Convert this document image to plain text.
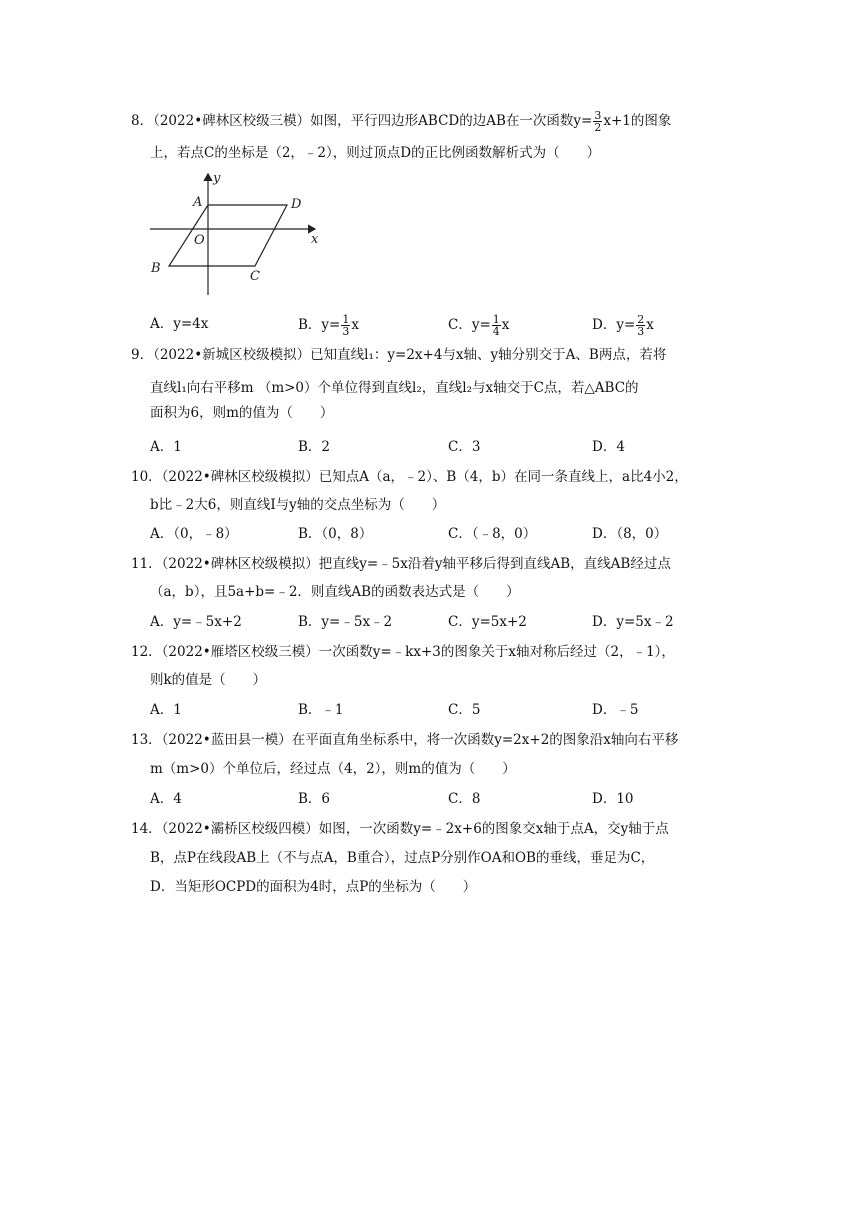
8．（2022•碑林区校级三模）如图，平行四边形ABCD的边AB在一次函数$y= \frac{3}{2} x+1$的图象
上，若点C的坐标是（2，﹣2），则过顶点D的正比例函数解析式为（　　）
y
x
A	D
O
B
C
A．y=4x	B．$y= \frac{1}{3}$ x	C．$y= \frac{1}{4}$ x	D．$y= \frac{2}{3}$ x
9．（2022•新城区校级模拟）已知直线l₁：y=2x+4与x轴、y轴分别交于A、B两点，若将
直线l₁向右平移m （m>0）个单位得到直线l₂，直线l₂与x轴交于C点，若△ABC的
面积为6，则m的值为（　　）
A．1	B．2	C．3	D．4
10．（2022•碑林区校级模拟）已知点A（a，﹣2）、B（4，b）在同一条直线上，a比4小2，
b比﹣2大6，则直线I与y轴的交点坐标为（　　）
A．（0，﹣8）	B．（0，8）	C．（﹣8，0）	D．（8，0）
11．（2022•碑林区校级模拟）把直线y=﹣5x沿着y轴平移后得到直线AB，直线AB经过点
（a，b），且5a+b=﹣2．则直线AB的函数表达式是（　　）
A．y=﹣5x+2	B．y=﹣5x﹣2	C．y=5x+2	D．y=5x﹣2
12．（2022•雁塔区校级三模）一次函数y=﹣kx+3的图象关于x轴对称后经过（2，﹣1），
则k的值是（　　）
A．1	B．﹣1	C．5	D．﹣5
13．（2022•蓝田县一模）在平面直角坐标系中，将一次函数y=2x+2的图象沿x轴向右平移
m（m>0）个单位后，经过点（4，2），则m的值为（　　）
A．4	B．6	C．8	D．10
14．（2022•灞桥区校级四模）如图，一次函数y=﹣2x+6的图象交x轴于点A，交y轴于点
B，点P在线段AB上（不与点A，B重合），过点P分别作OA和OB的垂线，垂足为C，
D．当矩形OCPD的面积为4时，点P的坐标为（　　）
